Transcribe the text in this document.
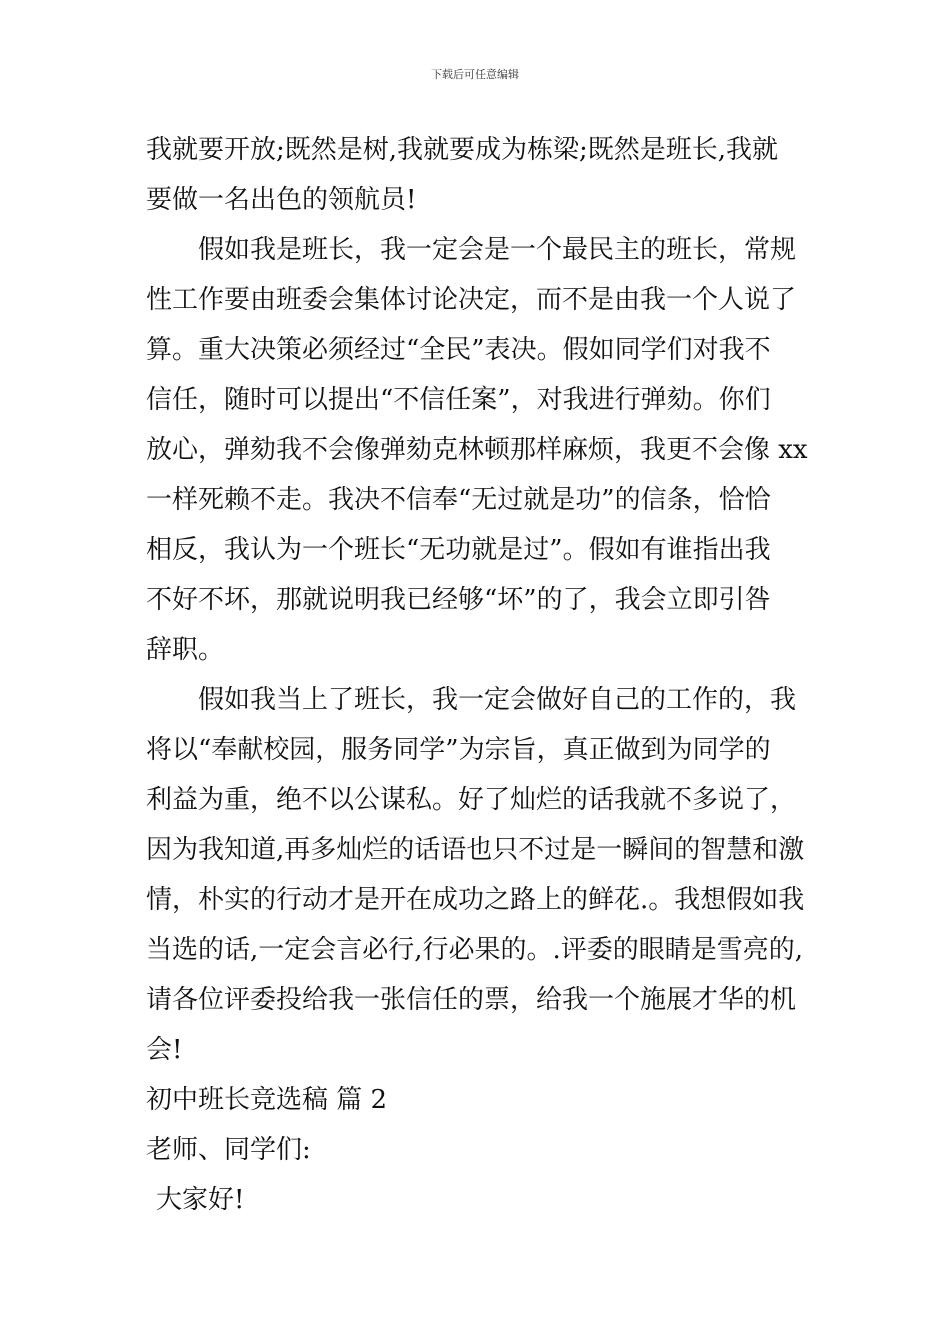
下载后可任意编辑
我就要开放;既然是树,我就要成为栋梁;既然是班长,我就
要做一名出色的领航员!
假如我是班长，我一定会是一个最民主的班长，常规
性工作要由班委会集体讨论决定，而不是由我一个人说了
算。重大决策必须经过“全民”表决。假如同学们对我不
信任，随时可以提出“不信任案”，对我进行弹劾。你们
放心，弹劾我不会像弹劾克林顿那样麻烦，我更不会像 xx
一样死赖不走。我决不信奉“无过就是功”的信条，恰恰
相反，我认为一个班长“无功就是过”。假如有谁指出我
不好不坏，那就说明我已经够“坏”的了，我会立即引咎
辞职。
假如我当上了班长，我一定会做好自己的工作的，我
将以“奉献校园，服务同学”为宗旨，真正做到为同学的
利益为重，绝不以公谋私。好了灿烂的话我就不多说了，
因为我知道,再多灿烂的话语也只不过是一瞬间的智慧和激
情，朴实的行动才是开在成功之路上的鲜花.。我想假如我
当选的话,一定会言必行,行必果的。.评委的眼睛是雪亮的,
请各位评委投给我一张信任的票，给我一个施展才华的机
会!
初中班长竞选稿 篇 2
老师、同学们:
大家好!
